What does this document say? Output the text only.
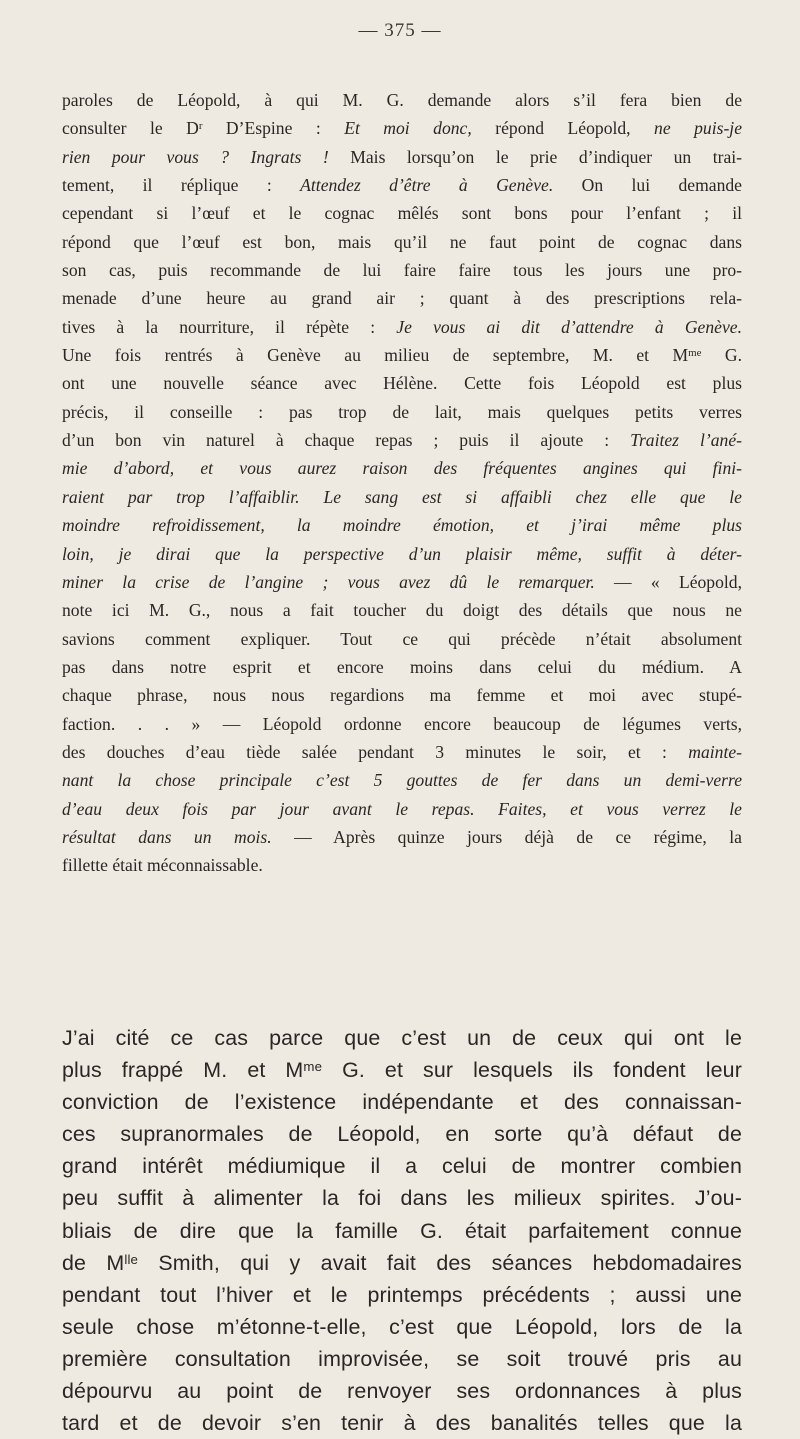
— 375 —
paroles de Léopold, à qui M. G. demande alors s’il fera bien de
consulter le $D^r$ D’Espine : Et moi donc, répond Léopold, ne puis-je
rien pour vous ? Ingrats ! Mais lorsqu’on le prie d’indiquer un trai-
tement, il réplique : Attendez d’être à Genève. On lui demande
cependant si l’œuf et le cognac mêlés sont bons pour l’enfant ; il
répond que l’œuf est bon, mais qu’il ne faut point de cognac dans
son cas, puis recommande de lui faire faire tous les jours une pro-
menade d’une heure au grand air ; quant à des prescriptions rela-
tives à la nourriture, il répète : Je vous ai dit d’attendre à Genève.
Une fois rentrés à Genève au milieu de septembre, M. et $M^{me}$ G.
ont une nouvelle séance avec Hélène. Cette fois Léopold est plus
précis, il conseille : pas trop de lait, mais quelques petits verres
d’un bon vin naturel à chaque repas ; puis il ajoute : Traitez l’ané-
mie d’abord, et vous aurez raison des fréquentes angines qui fini-
raient par trop l’affaiblir. Le sang est si affaibli chez elle que le
moindre refroidissement, la moindre émotion, et j’irai même plus
loin, je dirai que la perspective d’un plaisir même, suffit à déter-
miner la crise de l’angine ; vous avez dû le remarquer. — « Léopold,
note ici M. G., nous a fait toucher du doigt des détails que nous ne
savions comment expliquer. Tout ce qui précède n’était absolument
pas dans notre esprit et encore moins dans celui du médium. A
chaque phrase, nous nous regardions ma femme et moi avec stupé-
faction. . . » — Léopold ordonne encore beaucoup de légumes verts,
des douches d’eau tiède salée pendant 3 minutes le soir, et : mainte-
nant la chose principale c’est 5 gouttes de fer dans un demi-verre
d’eau deux fois par jour avant le repas. Faites, et vous verrez le
résultat dans un mois. — Après quinze jours déjà de ce régime, la
fillette était méconnaissable.
J’ai cité ce cas parce que c’est un de ceux qui ont le
plus frappé M. et $M^{me}$ G. et sur lesquels ils fondent leur
conviction de l’existence indépendante et des connaissan-
ces supranormales de Léopold, en sorte qu’à défaut de
grand intérêt médiumique il a celui de montrer combien
peu suffit à alimenter la foi dans les milieux spirites. J’ou-
bliais de dire que la famille G. était parfaitement connue
de $M^{lle}$ Smith, qui y avait fait des séances hebdomadaires
pendant tout l’hiver et le printemps précédents ; aussi une
seule chose m’étonne-t-elle, c’est que Léopold, lors de la
première consultation improvisée, se soit trouvé pris au
dépourvu au point de renvoyer ses ordonnances à plus
tard et de devoir s’en tenir à des banalités telles que la
